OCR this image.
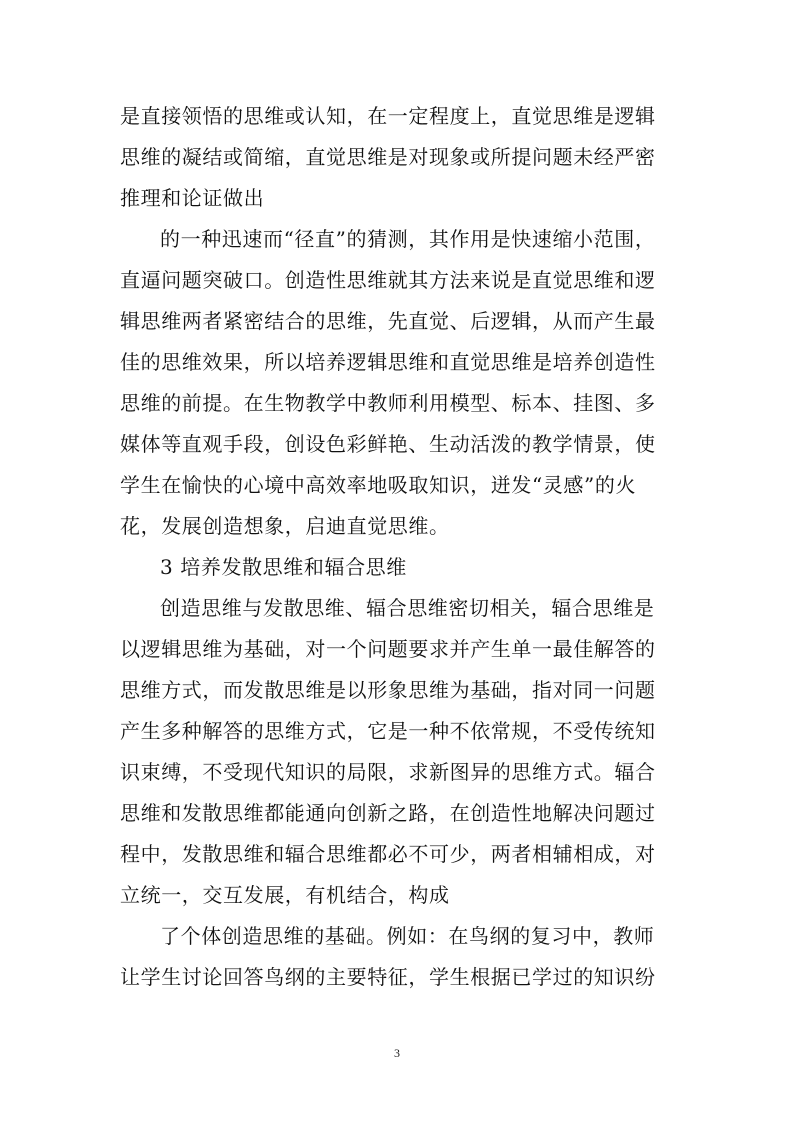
是直接领悟的思维或认知，在一定程度上，直觉思维是逻辑
思维的凝结或简缩，直觉思维是对现象或所提问题未经严密
推理和论证做出
的一种迅速而“径直”的猜测，其作用是快速缩小范围，
直逼问题突破口。创造性思维就其方法来说是直觉思维和逻
辑思维两者紧密结合的思维，先直觉、后逻辑，从而产生最
佳的思维效果，所以培养逻辑思维和直觉思维是培养创造性
思维的前提。在生物教学中教师利用模型、标本、挂图、多
媒体等直观手段，创设色彩鲜艳、生动活泼的教学情景，使
学生在愉快的心境中高效率地吸取知识，迸发“灵感”的火
花，发展创造想象，启迪直觉思维。
3 培养发散思维和辐合思维
创造思维与发散思维、辐合思维密切相关，辐合思维是
以逻辑思维为基础，对一个问题要求并产生单一最佳解答的
思维方式，而发散思维是以形象思维为基础，指对同一问题
产生多种解答的思维方式，它是一种不依常规，不受传统知
识束缚，不受现代知识的局限，求新图异的思维方式。辐合
思维和发散思维都能通向创新之路，在创造性地解决问题过
程中，发散思维和辐合思维都必不可少，两者相辅相成，对
立统一，交互发展，有机结合，构成
了个体创造思维的基础。例如：在鸟纲的复习中，教师
让学生讨论回答鸟纲的主要特征，学生根据已学过的知识纷
3
